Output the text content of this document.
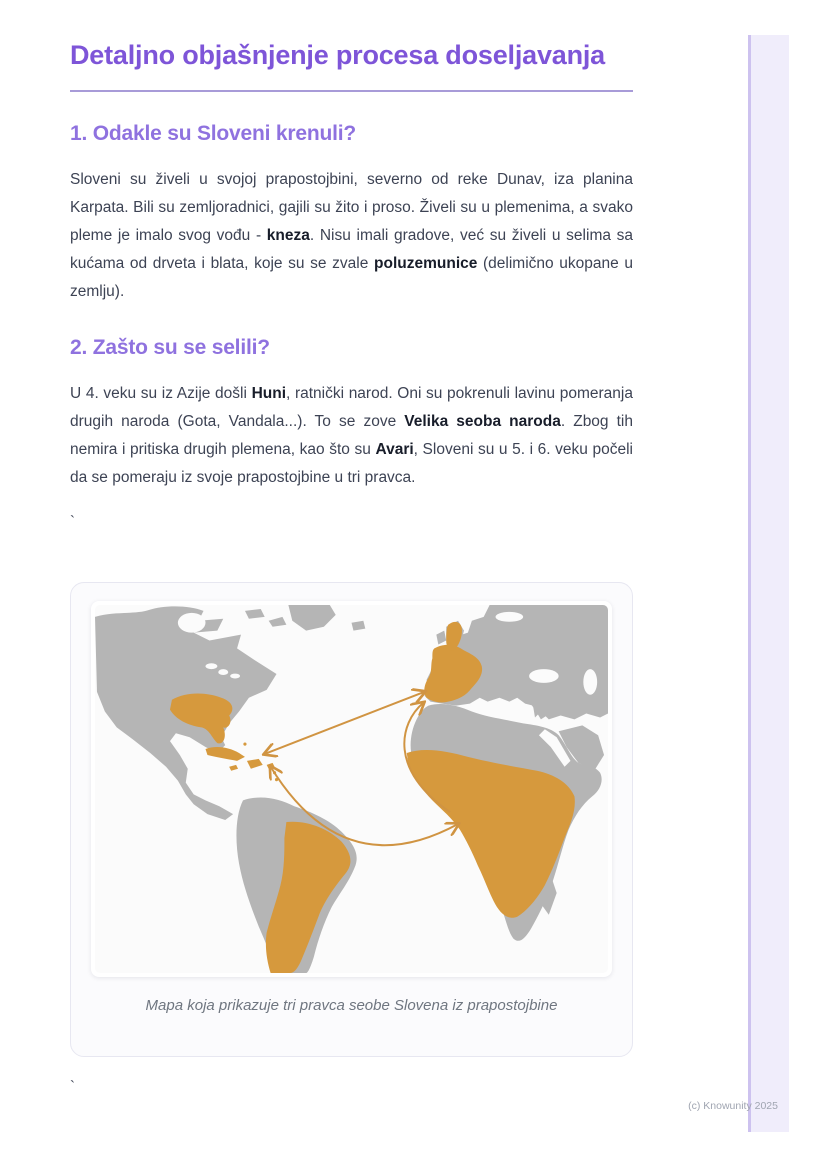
Detaljno objašnjenje procesa doseljavanja
1. Odakle su Sloveni krenuli?

Sloveni su živeli u svojoj prapostojbini, severno od reke Dunav, iza planina Karpata. Bili su zemljoradnici, gajili su žito i proso. Živeli su u plemenima, a svako pleme je imalo svog vođu - kneza. Nisu imali gradove, već su živeli u selima sa kućama od drveta i blata, koje su se zvale poluzemunice (delimično ukopane u zemlju).

2. Zašto su se selili?

U 4. veku su iz Azije došli Huni, ratnički narod. Oni su pokrenuli lavinu pomeranja drugih naroda (Gota, Vandala...). To se zove Velika seoba naroda. Zbog tih nemira i pritiska drugih plemena, kao što su Avari, Sloveni su u 5. i 6. veku počeli da se pomeraju iz svoje prapostojbine u tri pravca.

`

Mapa koja prikazuje tri pravca seobe Slovena iz prapostojbine

`

(c) Knowunity 2025
